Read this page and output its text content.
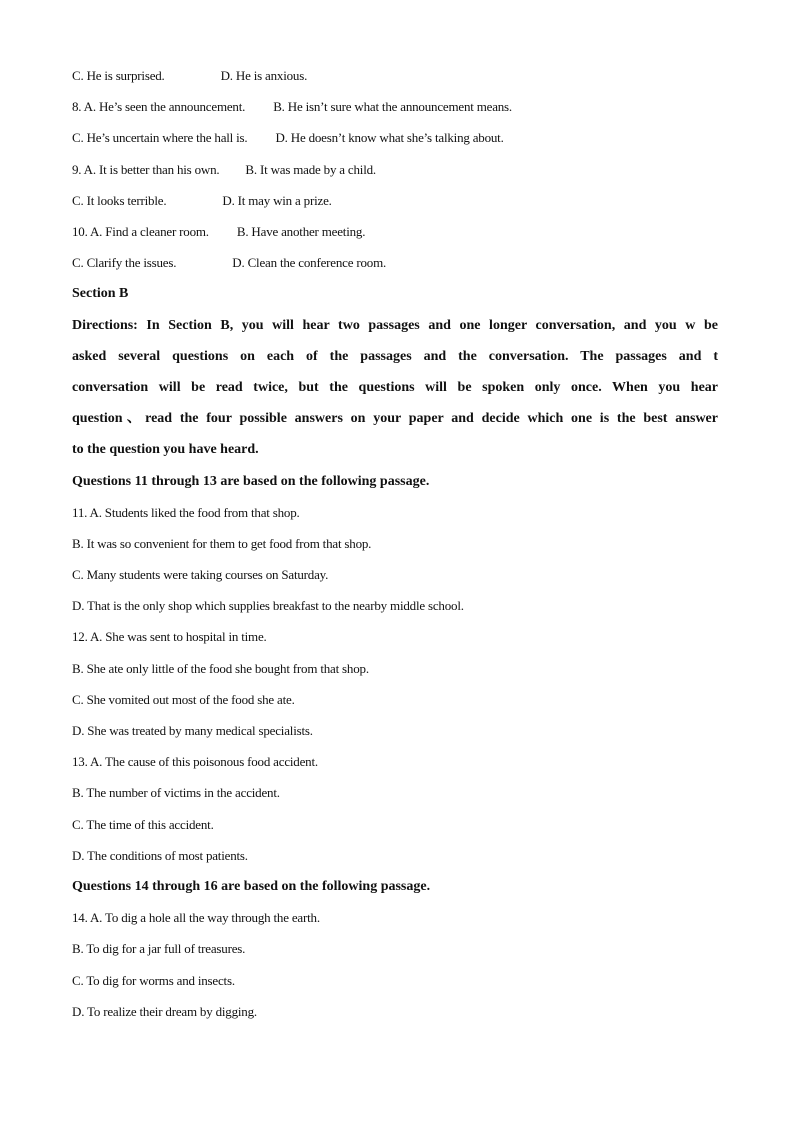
C. He is surprised.	D. He is anxious.
8. A. He’s seen the announcement. B. He isn’t sure what the announcement means.
C. He’s uncertain where the hall is. D. He doesn’t know what she’s talking about.
9. A. It is better than his own. B. It was made by a child.
C. It looks terrible.	D. It may win a prize.
10. A. Find a cleaner room. B. Have another meeting.
C. Clarify the issues.	D. Clean the conference room.
Section B
Directions: In Section B, you will hear two passages and one longer conversation, and you w be
asked several questions on each of the passages and the conversation. The passages and t
conversation will be read twice, but the questions will be spoken only once. When you hear
question、read the four possible answers on your paper and decide which one is the best answer
to the question you have heard.
Questions 11 through 13 are based on the following passage.
11. A. Students liked the food from that shop.
B. It was so convenient for them to get food from that shop.
C. Many students were taking courses on Saturday.
D. That is the only shop which supplies breakfast to the nearby middle school.
12. A. She was sent to hospital in time.
B. She ate only little of the food she bought from that shop.
C. She vomited out most of the food she ate.
D. She was treated by many medical specialists.
13. A. The cause of this poisonous food accident.
B. The number of victims in the accident.
C. The time of this accident.
D. The conditions of most patients.
Questions 14 through 16 are based on the following passage.
14. A. To dig a hole all the way through the earth.
B. To dig for a jar full of treasures.
C. To dig for worms and insects.
D. To realize their dream by digging.
